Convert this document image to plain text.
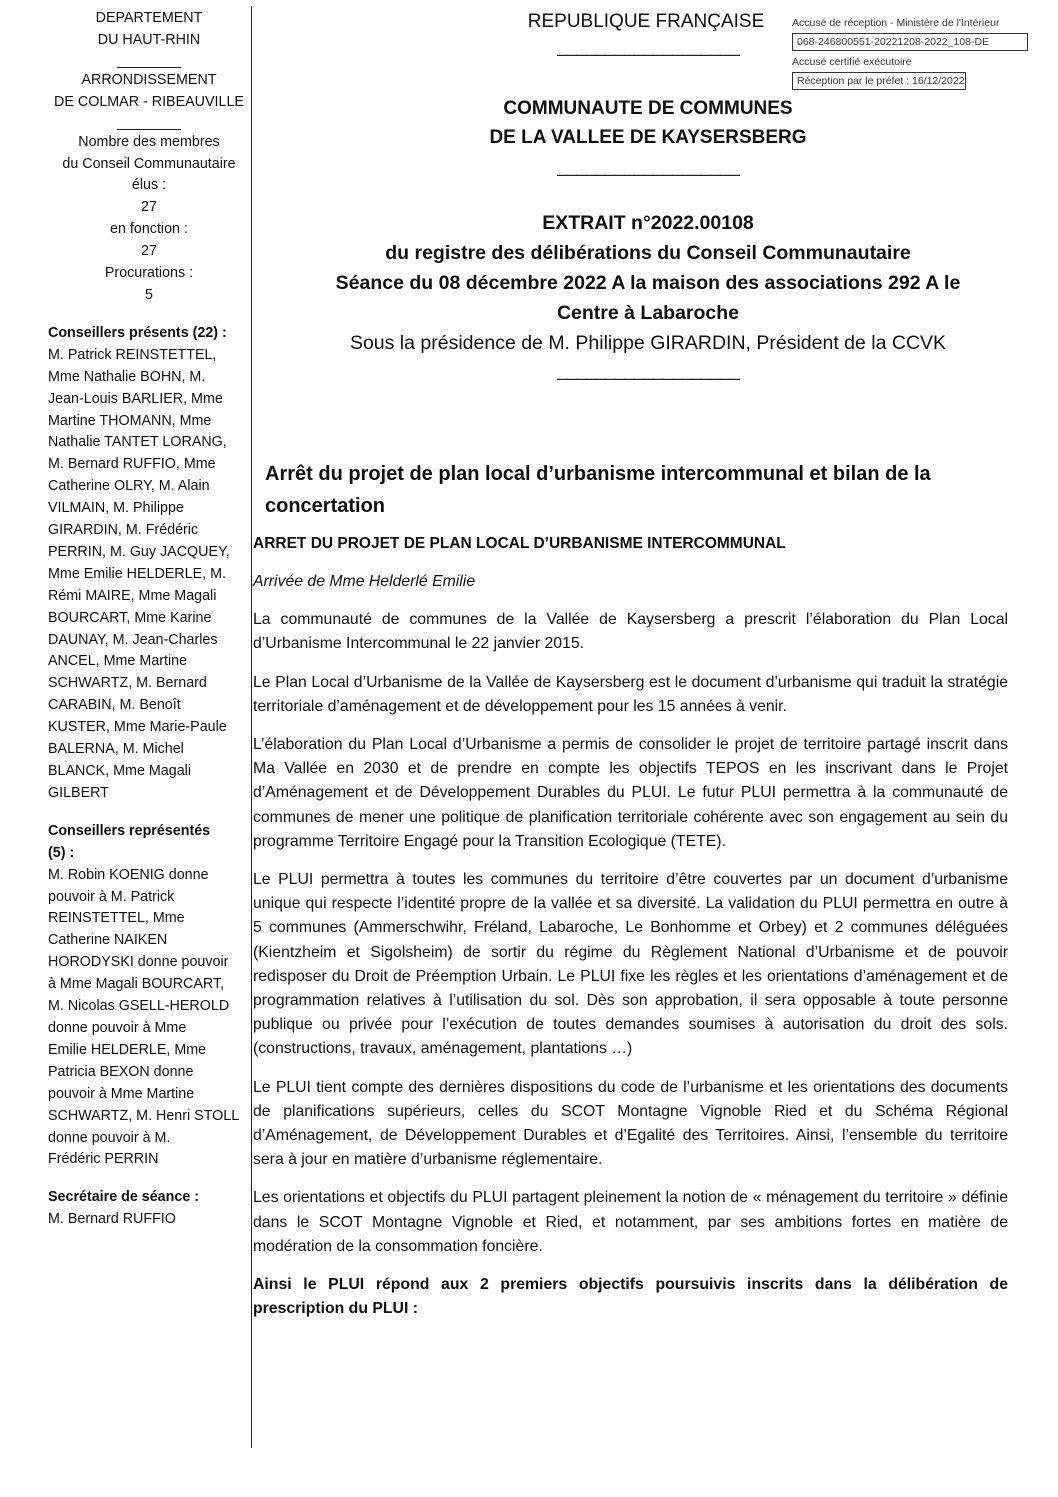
DEPARTEMENT
DU HAUT-RHIN
________
ARRONDISSEMENT
DE COLMAR - RIBEAUVILLE
________
Nombre des membres
du Conseil Communautaire
élus :
27
en fonction :
27
Procurations :
5
Conseillers présents (22) :
M. Patrick REINSTETTEL,
Mme Nathalie BOHN, M.
Jean-Louis BARLIER, Mme
Martine THOMANN, Mme
Nathalie TANTET LORANG,
M. Bernard RUFFIO, Mme
Catherine OLRY, M. Alain
VILMAIN, M. Philippe
GIRARDIN, M. Frédéric
PERRIN, M. Guy JACQUEY,
Mme Emilie HELDERLE, M.
Rémi MAIRE, Mme Magali
BOURCART, Mme Karine
DAUNAY, M. Jean-Charles
ANCEL, Mme Martine
SCHWARTZ, M. Bernard
CARABIN, M. Benoît
KUSTER, Mme Marie-Paule
BALERNA, M. Michel
BLANCK, Mme Magali
GILBERT
Conseillers représentés
(5) :
M. Robin KOENIG donne
pouvoir à M. Patrick
REINSTETTEL, Mme
Catherine NAIKEN
HORODYSKI donne pouvoir
à Mme Magali BOURCART,
M. Nicolas GSELL-HEROLD
donne pouvoir à Mme
Emilie HELDERLE, Mme
Patricia BEXON donne
pouvoir à Mme Martine
SCHWARTZ, M. Henri STOLL
donne pouvoir à M.
Frédéric PERRIN
Secrétaire de séance :
M. Bernard RUFFIO
Accusé de réception - Ministère de l'Intérieur
068-246800551-20221208-2022_108-DE
Accusé certifié exécutoire
Réception par le préfet : 16/12/2022
REPUBLIQUE FRANÇAISE
___________________
COMMUNAUTE DE COMMUNES
DE LA VALLEE DE KAYSERSBERG
___________________
EXTRAIT n°2022.00108
du registre des délibérations du Conseil Communautaire
Séance du 08 décembre 2022 A la maison des associations 292 A le
Centre à Labaroche
Sous la présidence de M. Philippe GIRARDIN, Président de la CCVK
___________________
Arrêt du projet de plan local d’urbanisme intercommunal et bilan de la concertation
ARRET DU PROJET DE PLAN LOCAL D’URBANISME INTERCOMMUNAL
Arrivée de Mme Helderlé Emilie
La communauté de communes de la Vallée de Kaysersberg a prescrit l’élaboration du Plan Local d’Urbanisme Intercommunal le 22 janvier 2015.
Le Plan Local d’Urbanisme de la Vallée de Kaysersberg est le document d’urbanisme qui traduit la stratégie territoriale d’aménagement et de développement pour les 15 années à venir.
L’élaboration du Plan Local d’Urbanisme a permis de consolider le projet de territoire partagé inscrit dans Ma Vallée en 2030 et de prendre en compte les objectifs TEPOS en les inscrivant dans le Projet d’Aménagement et de Développement Durables du PLUI. Le futur PLUI permettra à la communauté de communes de mener une politique de planification territoriale cohérente avec son engagement au sein du programme Territoire Engagé pour la Transition Ecologique (TETE).
Le PLUI permettra à toutes les communes du territoire d’être couvertes par un document d’urbanisme unique qui respecte l’identité propre de la vallée et sa diversité. La validation du PLUI permettra en outre à 5 communes (Ammerschwihr, Fréland, Labaroche, Le Bonhomme et Orbey) et 2 communes déléguées (Kientzheim et Sigolsheim) de sortir du régime du Règlement National d’Urbanisme et de pouvoir redisposer du Droit de Préemption Urbain. Le PLUI fixe les règles et les orientations d’aménagement et de programmation relatives à l’utilisation du sol. Dès son approbation, il sera opposable à toute personne publique ou privée pour l’exécution de toutes demandes soumises à autorisation du droit des sols. (constructions, travaux, aménagement, plantations …)
Le PLUI tient compte des dernières dispositions du code de l’urbanisme et les orientations des documents de planifications supérieurs, celles du SCOT Montagne Vignoble Ried et du Schéma Régional d’Aménagement, de Développement Durables et d’Egalité des Territoires. Ainsi, l’ensemble du territoire sera à jour en matière d’urbanisme réglementaire.
Les orientations et objectifs du PLUI partagent pleinement la notion de « ménagement du territoire » définie dans le SCOT Montagne Vignoble et Ried, et notamment, par ses ambitions fortes en matière de modération de la consommation foncière.
Ainsi le PLUI répond aux 2 premiers objectifs poursuivis inscrits dans la délibération de prescription du PLUI :
